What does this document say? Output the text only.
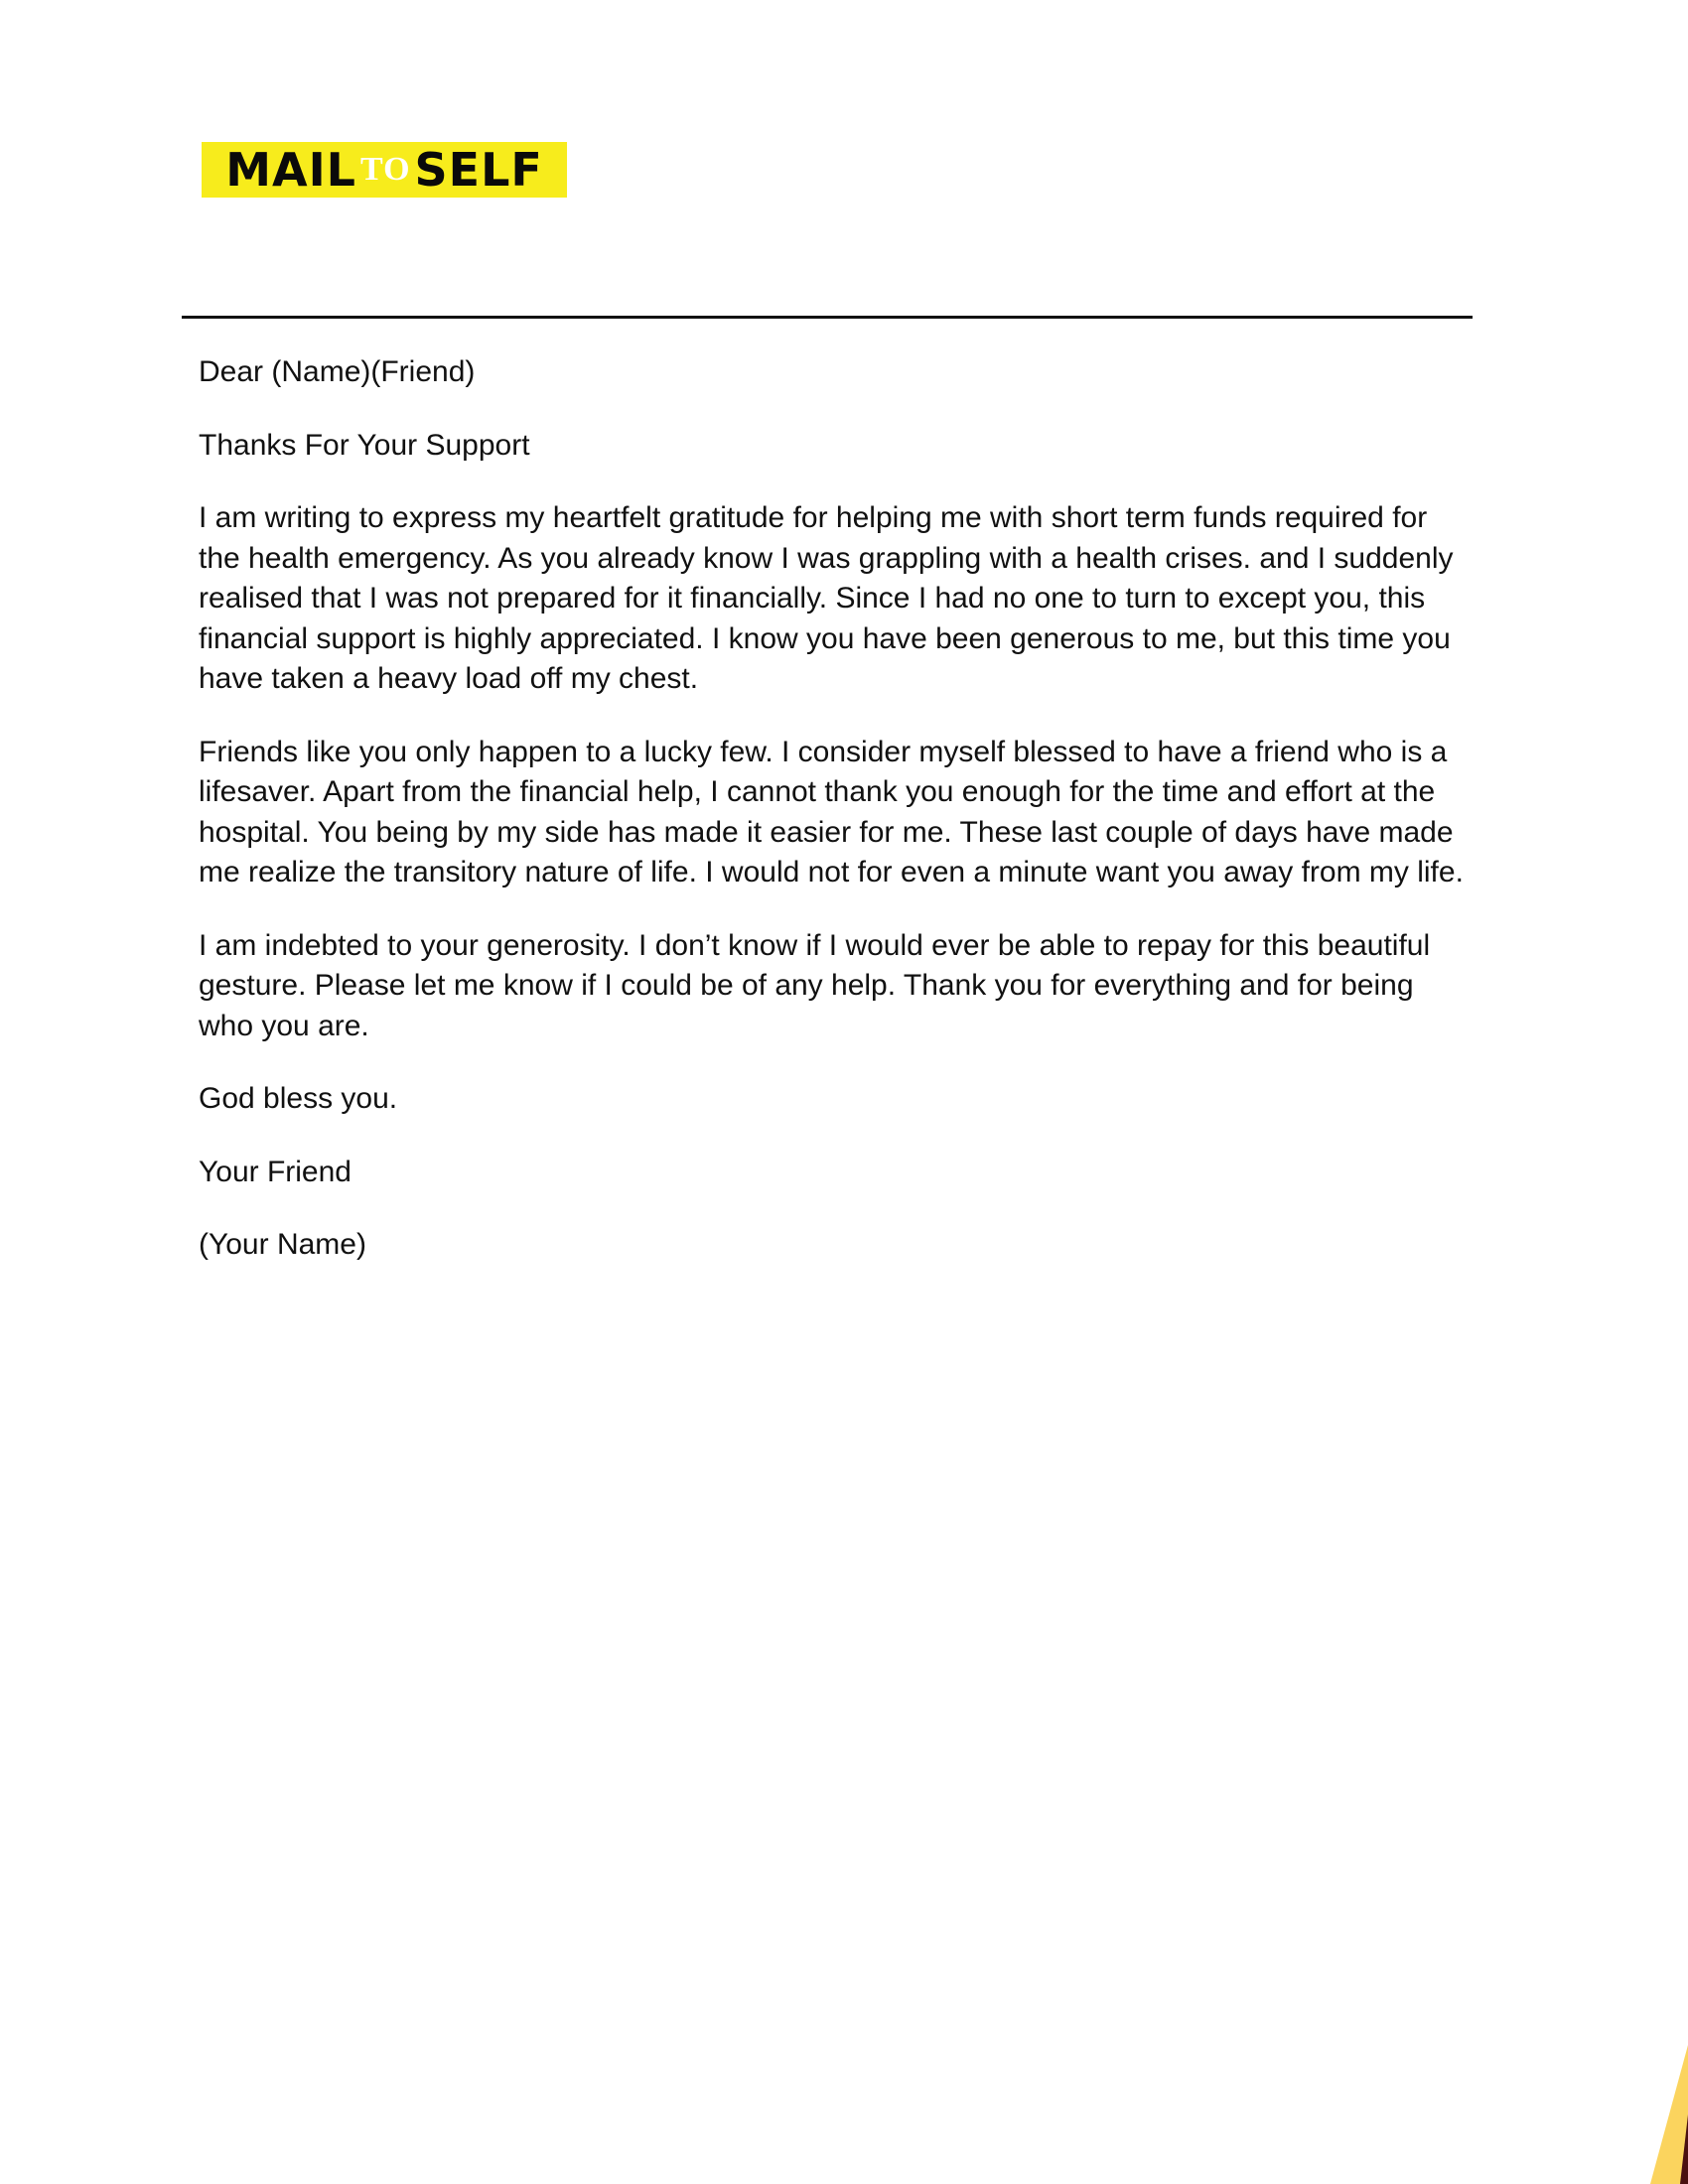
MAIL TO SELF

Dear (Name)(Friend)

Thanks For Your Support

I am writing to express my heartfelt gratitude for helping me with short term funds required for
the health emergency. As you already know I was grappling with a health crises. and I suddenly
realised that I was not prepared for it financially. Since I had no one to turn to except you, this
financial support is highly appreciated. I know you have been generous to me, but this time you
have taken a heavy load off my chest.

Friends like you only happen to a lucky few. I consider myself blessed to have a friend who is a
lifesaver. Apart from the financial help, I cannot thank you enough for the time and effort at the
hospital. You being by my side has made it easier for me. These last couple of days have made
me realize the transitory nature of life. I would not for even a minute want you away from my life.

I am indebted to your generosity. I don’t know if I would ever be able to repay for this beautiful
gesture. Please let me know if I could be of any help. Thank you for everything and for being
who you are.

God bless you.

Your Friend

(Your Name)
